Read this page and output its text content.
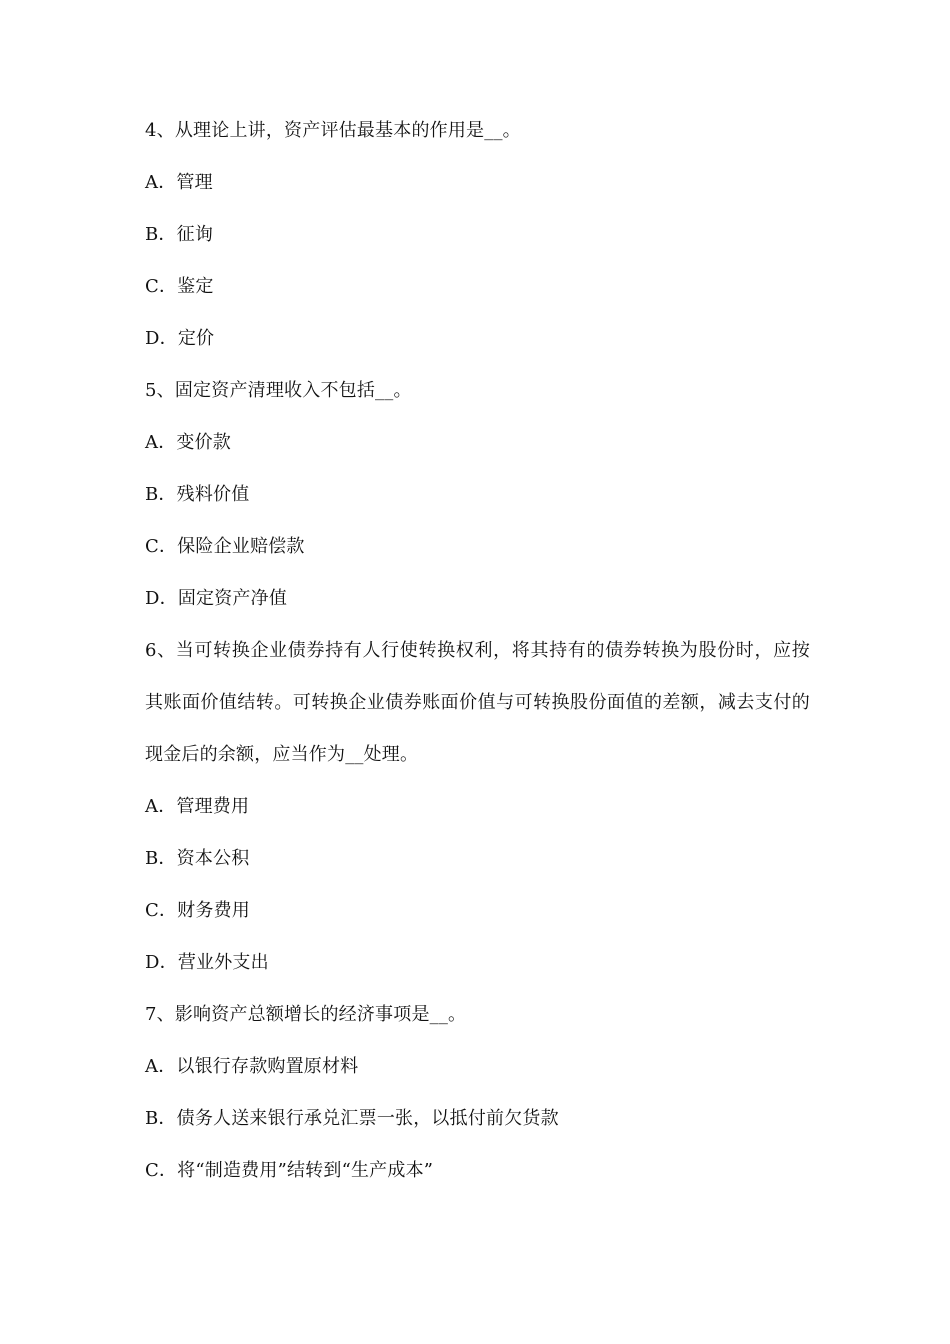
4、从理论上讲，资产评估最基本的作用是__。
A．管理
B．征询
C．鉴定
D．定价
5、固定资产清理收入不包括__。
A．变价款
B．残料价值
C．保险企业赔偿款
D．固定资产净值
6、当可转换企业债券持有人行使转换权利，将其持有的债券转换为股份时，应按其账面价值结转。可转换企业债券账面价值与可转换股份面值的差额，减去支付的现金后的余额，应当作为__处理。
A．管理费用
B．资本公积
C．财务费用
D．营业外支出
7、影响资产总额增长的经济事项是__。
A．以银行存款购置原材料
B．债务人送来银行承兑汇票一张，以抵付前欠货款
C．将“制造费用”结转到“生产成本”
